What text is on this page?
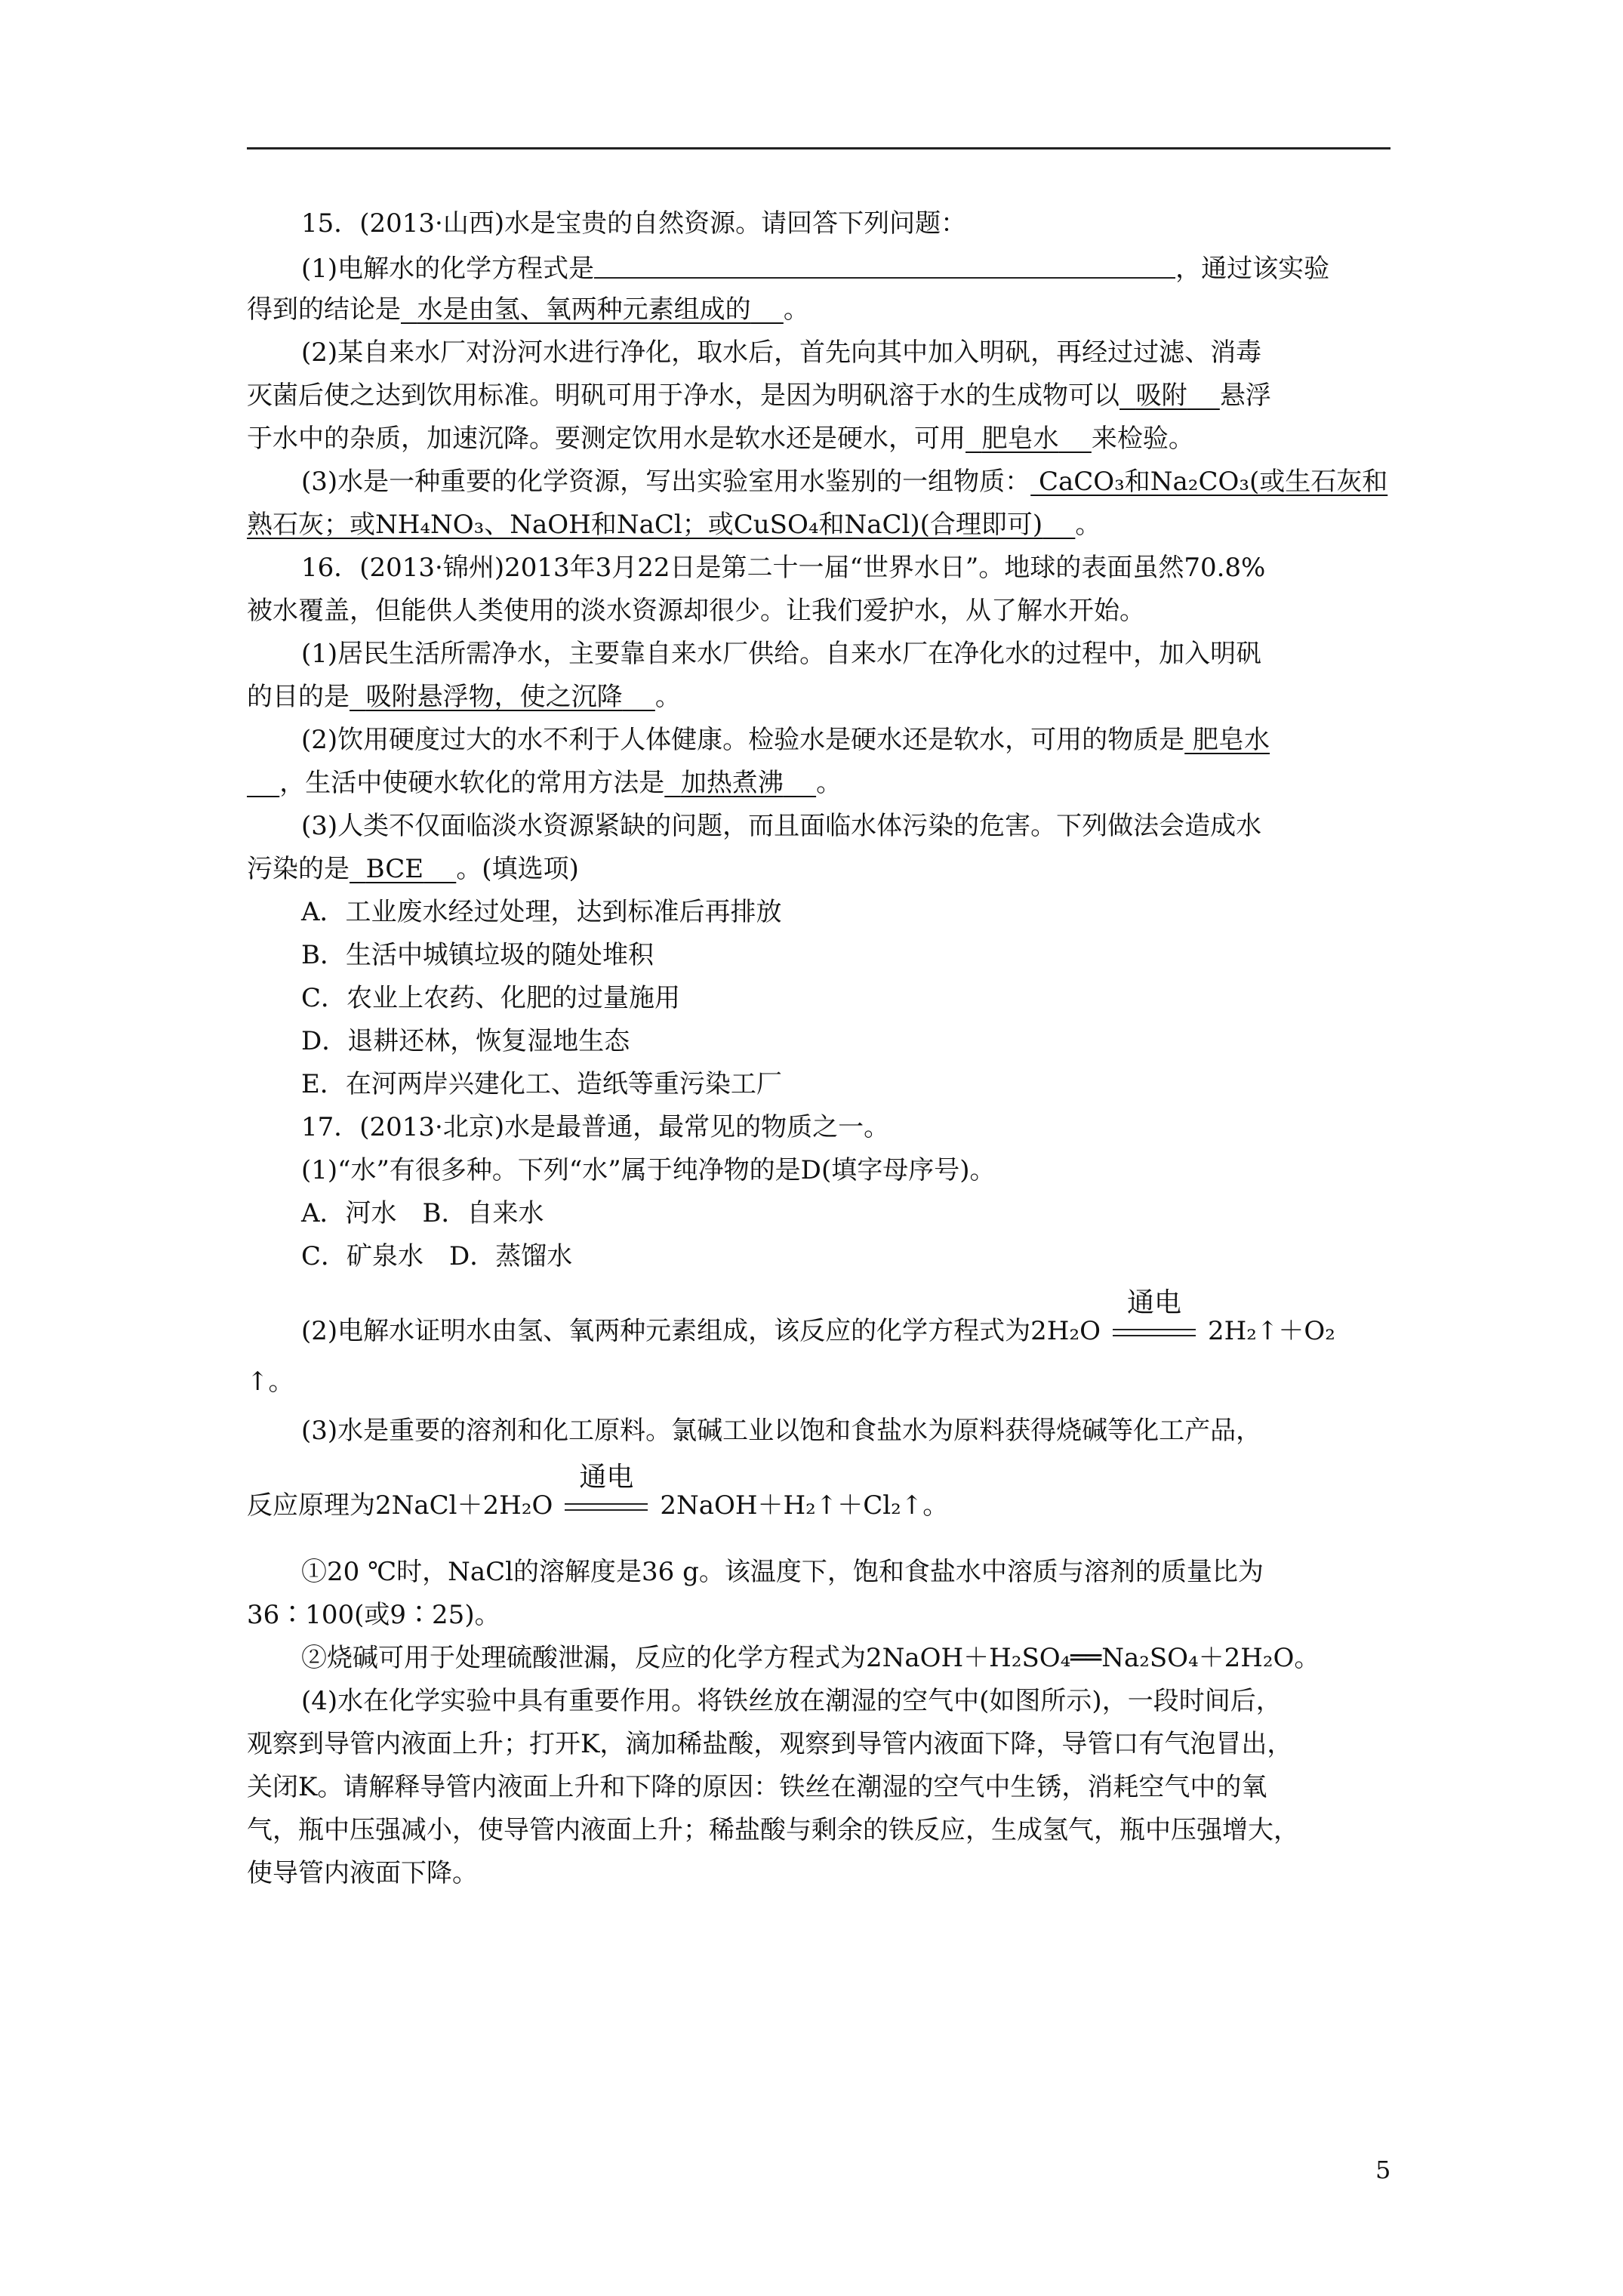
15．(2013·山西)水是宝贵的自然资源。请回答下列问题：
(1)电解水的化学方程式是	，通过该实验
得到的结论是 水是由氢、氧两种元素组成的 。
(2)某自来水厂对汾河水进行净化，取水后，首先向其中加入明矾，再经过过滤、消毒
灭菌后使之达到饮用标准。明矾可用于净水，是因为明矾溶于水的生成物可以 吸附 悬浮
于水中的杂质，加速沉降。要测定饮用水是软水还是硬水，可用 肥皂水 来检验。
(3)水是一种重要的化学资源，写出实验室用水鉴别的一组物质： CaCO₃和Na₂CO₃(或生石灰和熟石灰；或NH₄NO₃、NaOH和NaCl；或CuSO₄和NaCl)(合理即可) 。
16．(2013·锦州)2013年3月22日是第二十一届“世界水日”。地球的表面虽然70.8%
被水覆盖，但能供人类使用的淡水资源却很少。让我们爱护水，从了解水开始。
(1)居民生活所需净水，主要靠自来水厂供给。自来水厂在净化水的过程中，加入明矾
的目的是 吸附悬浮物，使之沉降 。
(2)饮用硬度过大的水不利于人体健康。检验水是硬水还是软水，可用的物质是 肥皂水
，生活中使硬水软化的常用方法是 加热煮沸 。
(3)人类不仅面临淡水资源紧缺的问题，而且面临水体污染的危害。下列做法会造成水
污染的是 BCE 。(填选项)
A．工业废水经过处理，达到标准后再排放
B．生活中城镇垃圾的随处堆积
C．农业上农药、化肥的过量施用
D．退耕还林，恢复湿地生态
E．在河两岸兴建化工、造纸等重污染工厂
17．(2013·北京)水是最普通，最常见的物质之一。
(1)“水”有很多种。下列“水”属于纯净物的是D(填字母序号)。
A．河水　B．自来水
C．矿泉水　D．蒸馏水
(2)电解水证明水由氢、氧两种元素组成，该反应的化学方程式为2H₂O
通电
2H₂↑＋O₂
↑。
(3)水是重要的溶剂和化工原料。氯碱工业以饱和食盐水为原料获得烧碱等化工产品，
反应原理为2NaCl＋2H₂O
通电
2NaOH＋H₂↑＋Cl₂↑。
①20 ℃时，NaCl的溶解度是36 g。该温度下，饱和食盐水中溶质与溶剂的质量比为
36∶100(或9∶25)。
②烧碱可用于处理硫酸泄漏，反应的化学方程式为2NaOH＋H₂SO₄══Na₂SO₄＋2H₂O。
(4)水在化学实验中具有重要作用。将铁丝放在潮湿的空气中(如图所示)，一段时间后，
观察到导管内液面上升；打开K，滴加稀盐酸，观察到导管内液面下降，导管口有气泡冒出，
关闭K。请解释导管内液面上升和下降的原因：铁丝在潮湿的空气中生锈，消耗空气中的氧
气，瓶中压强减小，使导管内液面上升；稀盐酸与剩余的铁反应，生成氢气，瓶中压强增大，
使导管内液面下降。
5
